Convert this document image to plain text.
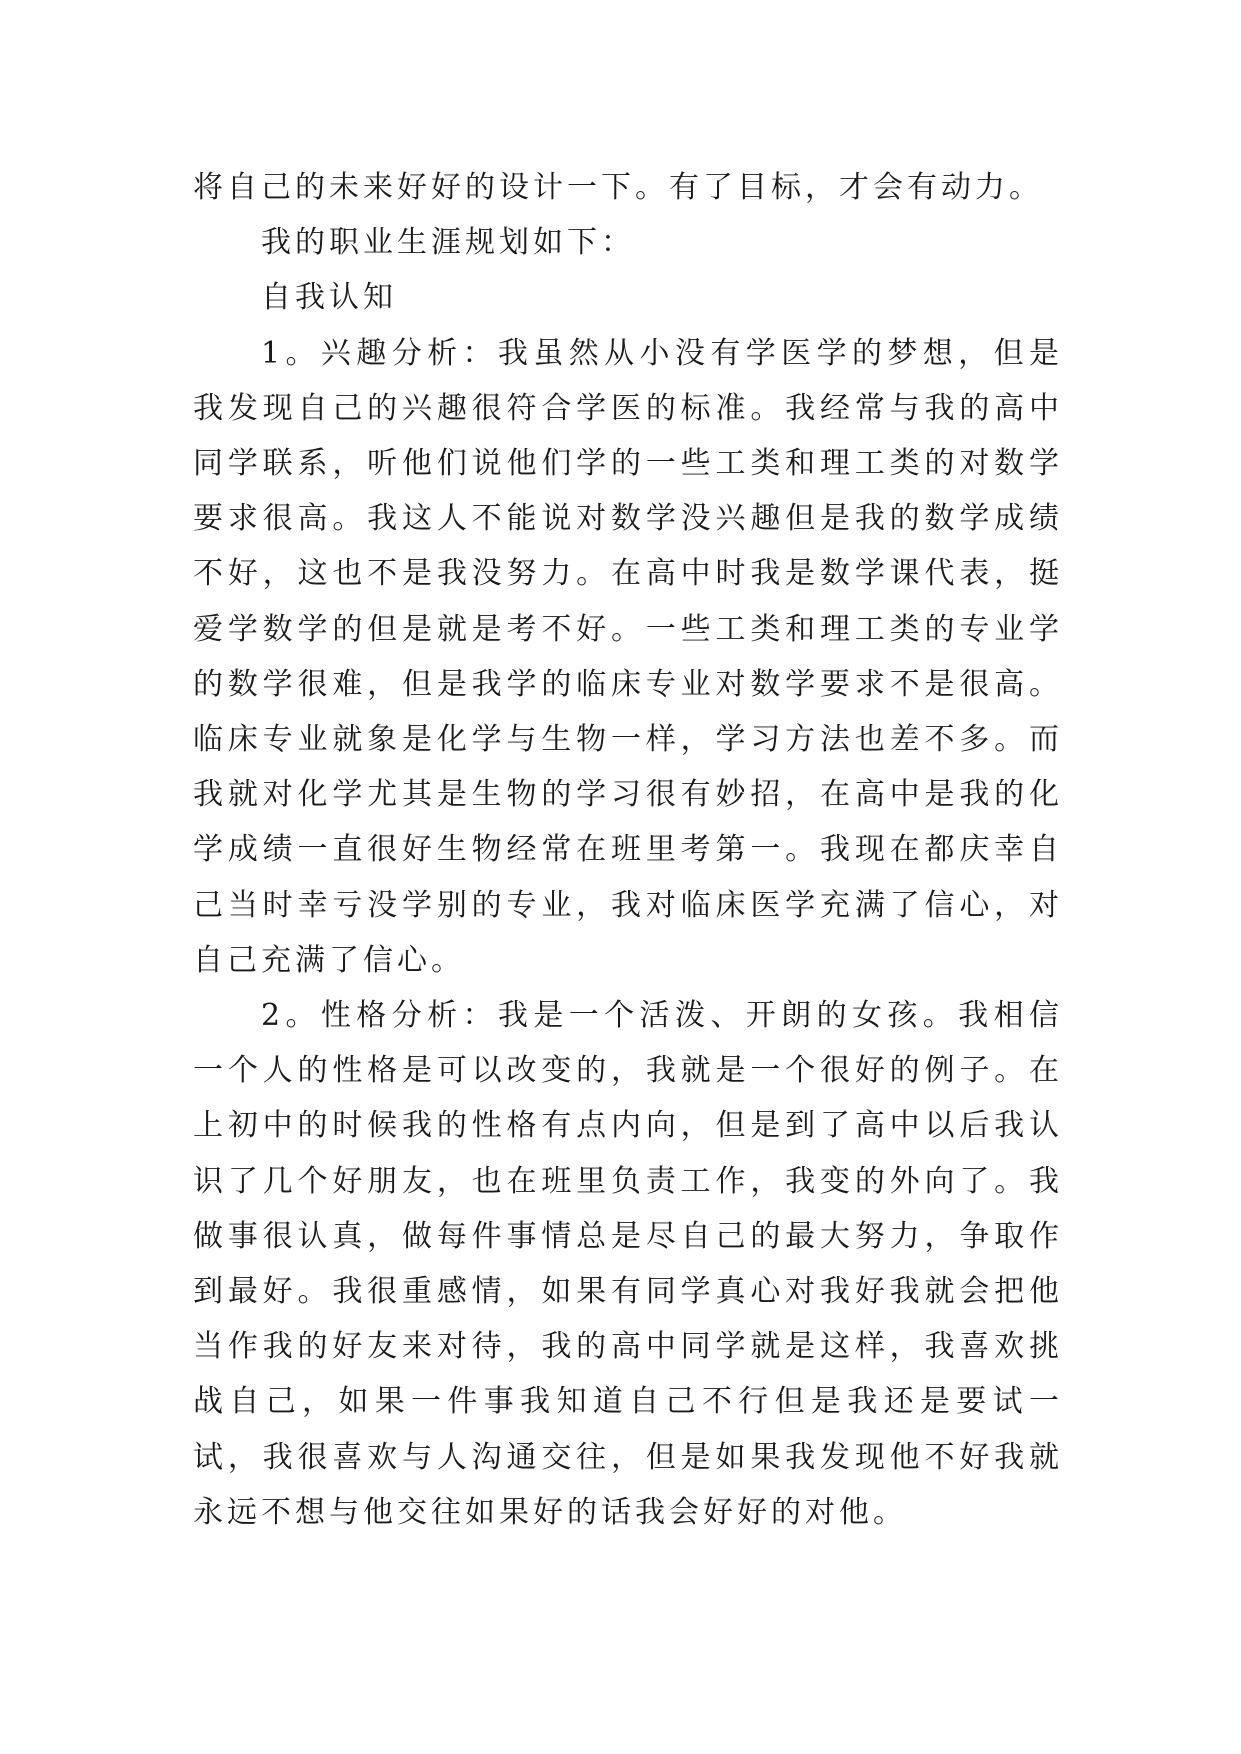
将自己的未来好好的设计一下。有了目标，才会有动力。

我的职业生涯规划如下：

自我认知

1。兴趣分析：我虽然从小没有学医学的梦想，但是我发现自己的兴趣很符合学医的标准。我经常与我的高中同学联系，听他们说他们学的一些工类和理工类的对数学要求很高。我这人不能说对数学没兴趣但是我的数学成绩不好，这也不是我没努力。在高中时我是数学课代表，挺爱学数学的但是就是考不好。一些工类和理工类的专业学的数学很难，但是我学的临床专业对数学要求不是很高。临床专业就象是化学与生物一样，学习方法也差不多。而我就对化学尤其是生物的学习很有妙招，在高中是我的化学成绩一直很好生物经常在班里考第一。我现在都庆幸自己当时幸亏没学别的专业，我对临床医学充满了信心，对自己充满了信心。

2。性格分析：我是一个活泼、开朗的女孩。我相信一个人的性格是可以改变的，我就是一个很好的例子。在上初中的时候我的性格有点内向，但是到了高中以后我认识了几个好朋友，也在班里负责工作，我变的外向了。我做事很认真，做每件事情总是尽自己的最大努力，争取作到最好。我很重感情，如果有同学真心对我好我就会把他当作我的好友来对待，我的高中同学就是这样，我喜欢挑战自己，如果一件事我知道自己不行但是我还是要试一试，我很喜欢与人沟通交往，但是如果我发现他不好我就永远不想与他交往如果好的话我会好好的对他。
